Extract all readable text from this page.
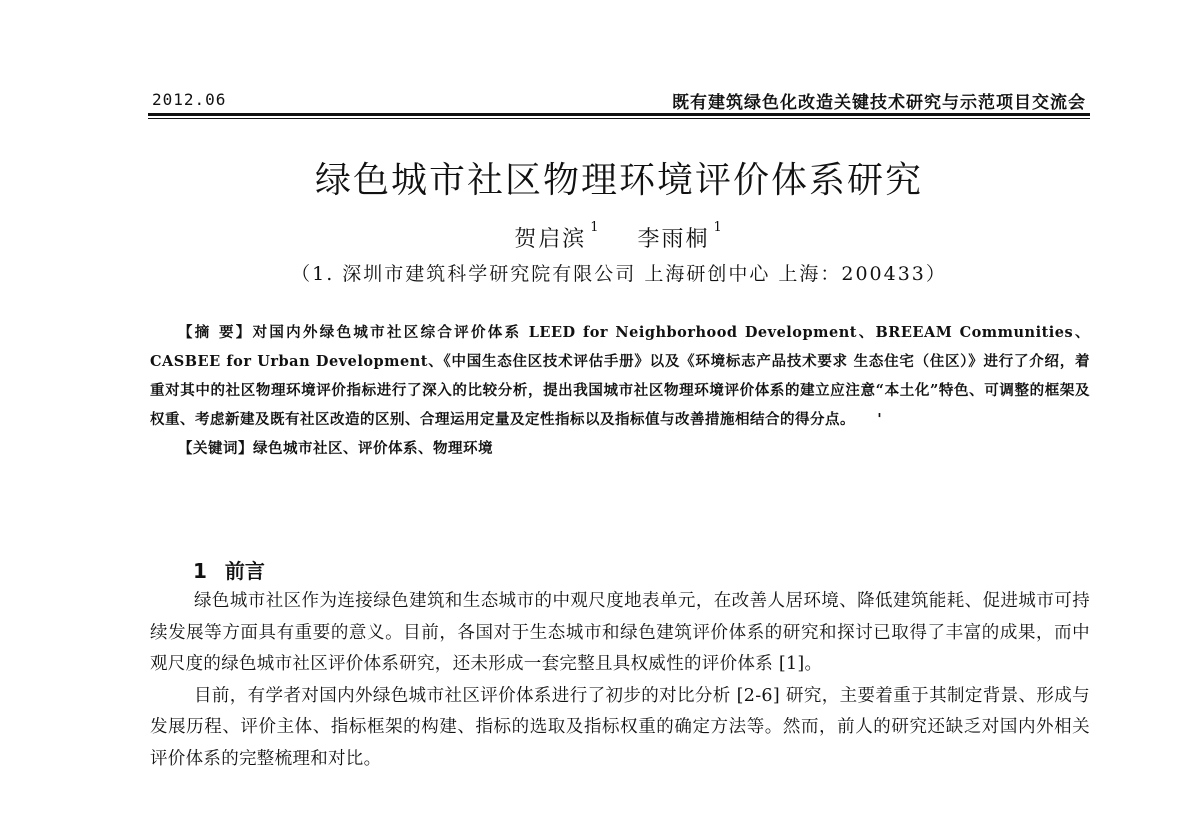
2012.06	既有建筑绿色化改造关键技术研究与示范项目交流会
绿色城市社区物理环境评价体系研究
贺启滨 $^1$ 李雨桐 $^1$
（1. 深圳市建筑科学研究院有限公司 上海研创中心 上海：200433）

【摘 要】对国内外绿色城市社区综合评价体系 LEED for Neighborhood Development、BREEAM Communities、CASBEE for Urban Development、《中国生态住区技术评估手册》以及《环境标志产品技术要求 生态住宅（住区）》进行了介绍，着重对其中的社区物理环境评价指标进行了深入的比较分析，提出我国城市社区物理环境评价体系的建立应注意“本土化”特色、可调整的框架及权重、考虑新建及既有社区改造的区别、合理运用定量及定性指标以及指标值与改善措施相结合的得分点。 '

【关键词】绿色城市社区、评价体系、物理环境

1 前言

绿色城市社区作为连接绿色建筑和生态城市的中观尺度地表单元，在改善人居环境、降低建筑能耗、促进城市可持续发展等方面具有重要的意义。目前，各国对于生态城市和绿色建筑评价体系的研究和探讨已取得了丰富的成果，而中观尺度的绿色城市社区评价体系研究，还未形成一套完整且具权威性的评价体系 [1]。

目前，有学者对国内外绿色城市社区评价体系进行了初步的对比分析 [2-6] 研究，主要着重于其制定背景、形成与发展历程、评价主体、指标框架的构建、指标的选取及指标权重的确定方法等。然而，前人的研究还缺乏对国内外相关评价体系的完整梳理和对比。
